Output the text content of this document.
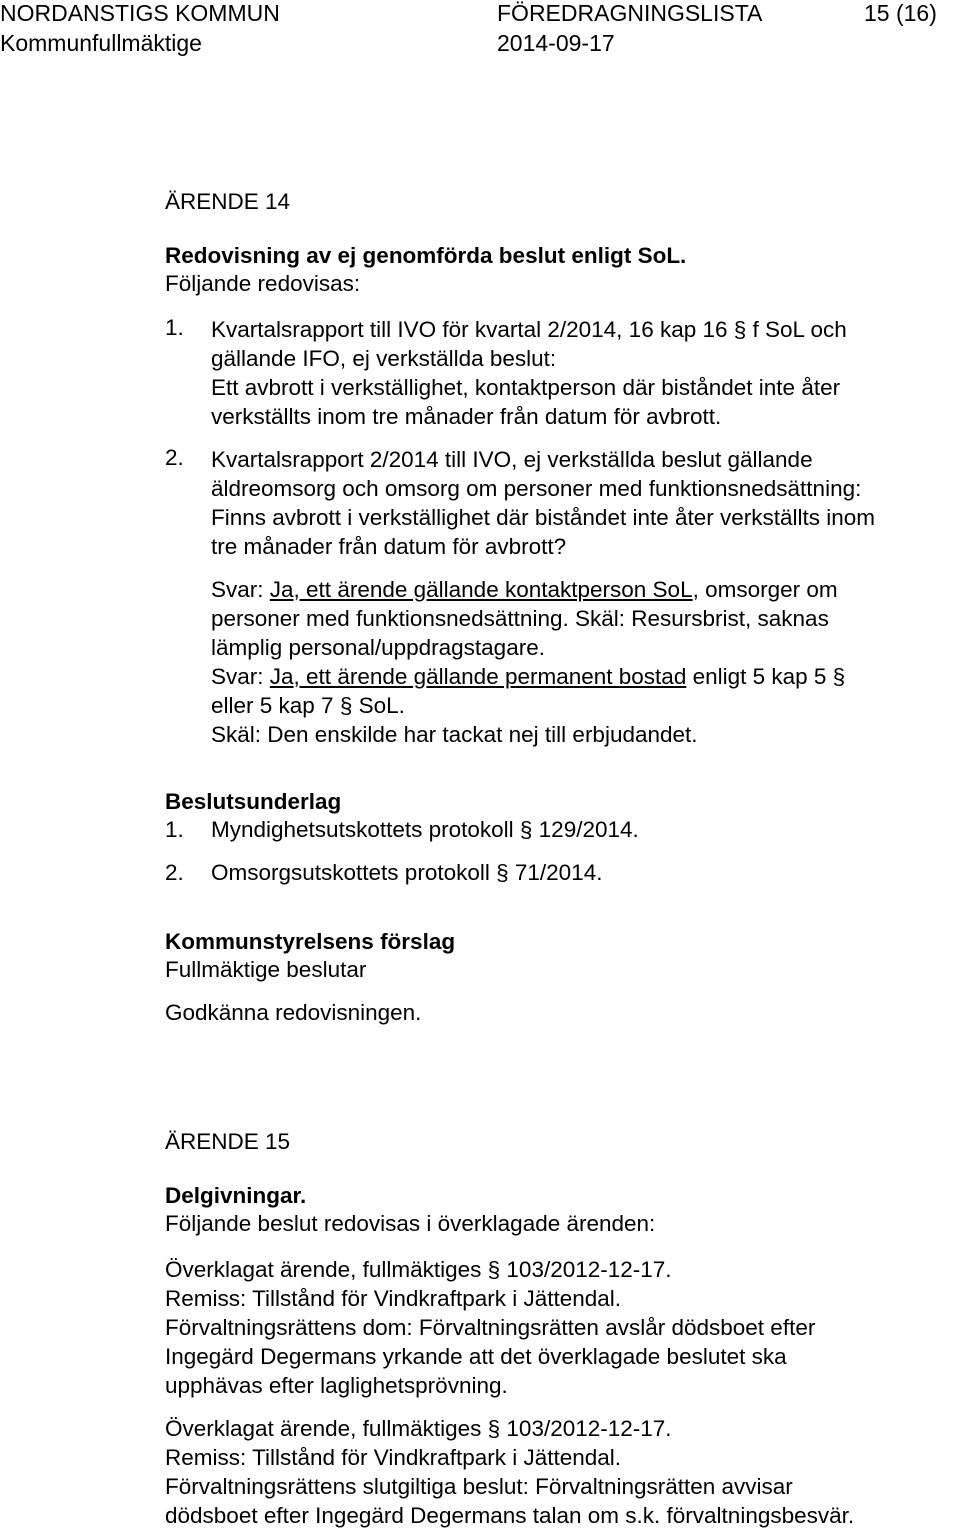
NORDANSTIGS KOMMUN	FÖREDRAGNINGSLISTA	15 (16)
Kommunfullmäktige	2014-09-17
ÄRENDE 14
Redovisning av ej genomförda beslut enligt SoL.
Följande redovisas:
1. Kvartalsrapport till IVO för kvartal 2/2014, 16 kap 16 § f SoL och
gällande IFO, ej verkställda beslut:
Ett avbrott i verkställighet, kontaktperson där biståndet inte åter
verkställts inom tre månader från datum för avbrott.
2. Kvartalsrapport 2/2014 till IVO, ej verkställda beslut gällande
äldreomsorg och omsorg om personer med funktionsnedsättning:
Finns avbrott i verkställighet där biståndet inte åter verkställts inom
tre månader från datum för avbrott?
Svar: Ja, ett ärende gällande kontaktperson SoL, omsorger om
personer med funktionsnedsättning. Skäl: Resursbrist, saknas
lämplig personal/uppdragstagare.
Svar: Ja, ett ärende gällande permanent bostad enligt 5 kap 5 §
eller 5 kap 7 § SoL.
Skäl: Den enskilde har tackat nej till erbjudandet.
Beslutsunderlag
1. Myndighetsutskottets protokoll § 129/2014.
2. Omsorgsutskottets protokoll § 71/2014.
Kommunstyrelsens förslag
Fullmäktige beslutar
Godkänna redovisningen.
ÄRENDE 15
Delgivningar.
Följande beslut redovisas i överklagade ärenden:
Överklagat ärende, fullmäktiges § 103/2012-12-17.
Remiss: Tillstånd för Vindkraftpark i Jättendal.
Förvaltningsrättens dom: Förvaltningsrätten avslår dödsboet efter
Ingegärd Degermans yrkande att det överklagade beslutet ska
upphävas efter laglighetsprövning.
Överklagat ärende, fullmäktiges § 103/2012-12-17.
Remiss: Tillstånd för Vindkraftpark i Jättendal.
Förvaltningsrättens slutgiltiga beslut: Förvaltningsrätten avvisar
dödsboet efter Ingegärd Degermans talan om s.k. förvaltningsbesvär.
